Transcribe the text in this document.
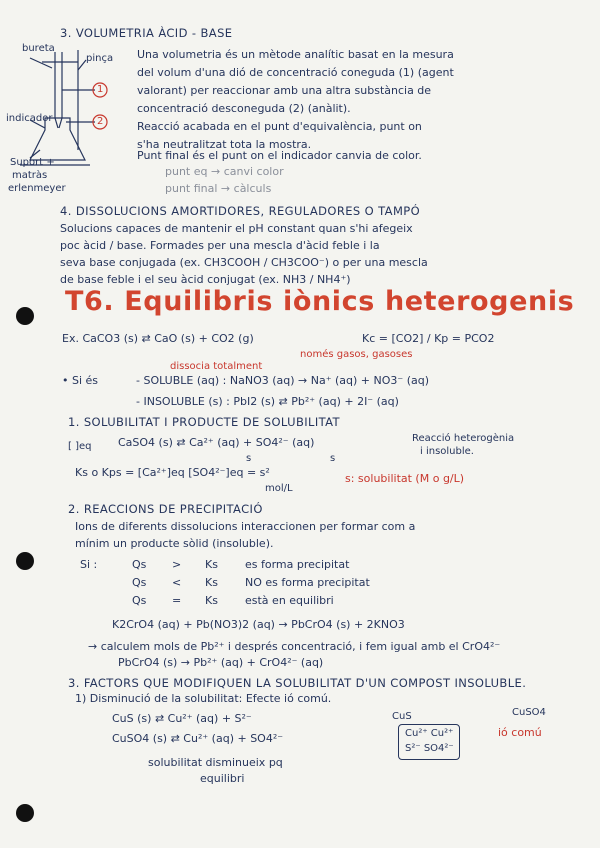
bureta
pinça
indicador
Suport +
matràs
erlenmeyer
1
2
3. VOLUMETRIA ÀCID - BASE
Una volumetria és un mètode analític basat en la mesura
del volum d'una dió de concentració coneguda (1) (agent
valorant) per reaccionar amb una altra substància de
concentració desconeguda (2) (anàlit).
Reacció acabada en el punt d'equivalència, punt on
s'ha neutralitzat tota la mostra.
Punt final és el punt on el indicador canvia de color.
punt eq → canvi color
punt final → càlculs
4. DISSOLUCIONS AMORTIDORES, REGULADORES O TAMPÓ
Solucions capaces de mantenir el pH constant quan s'hi afegeix
poc àcid / base. Formades per una mescla d'àcid feble i la
seva base conjugada (ex. CH3COOH / CH3COO⁻) o per una mescla
de base feble i el seu àcid conjugat (ex. NH3 / NH4⁺)
T6. Equilibris iònics heterogenis
Ex. CaCO3 (s) ⇄ CaO (s) + CO2 (g)	Kc = [CO2] / Kp = PCO2
només gasos, gasoses
dissocia totalment
• Si és	- SOLUBLE (aq) : NaNO3 (aq) → Na⁺ (aq) + NO3⁻ (aq)
- INSOLUBLE (s) : PbI2 (s) ⇄ Pb²⁺ (aq) + 2I⁻ (aq)
1. SOLUBILITAT I PRODUCTE DE SOLUBILITAT
[ ]eq CaSO4 (s) ⇄ Ca²⁺ (aq) + SO4²⁻ (aq)
s	s
Reacció heterogènia
i insoluble.
Ks o Kps = [Ca²⁺]eq [SO4²⁻]eq = s²
mol/L
s: solubilitat (M o g/L)
2. REACCIONS DE PRECIPITACIÓ
Ions de diferents dissolucions interaccionen per formar com a
mínim un producte sòlid (insoluble).
Si :	Qs > Ks es forma precipitat
Qs < Ks NO es forma precipitat
Qs = Ks està en equilibri
K2CrO4 (aq) + Pb(NO3)2 (aq) → PbCrO4 (s) + 2KNO3
→ calculem mols de Pb²⁺ i després concentració, i fem igual amb el CrO4²⁻
PbCrO4 (s) → Pb²⁺ (aq) + CrO4²⁻ (aq)
3. FACTORS QUE MODIFIQUEN LA SOLUBILITAT D'UN COMPOST INSOLUBLE.
1) Disminució de la solubilitat: Efecte ió comú.
CuS (s) ⇄ Cu²⁺ (aq) + S²⁻
CuSO4 (s) ⇄ Cu²⁺ (aq) + SO4²⁻
CuS	CuSO4
Cu²⁺ Cu²⁺
S²⁻ SO4²⁻
ió comú
solubilitat disminueix pq
equilibri
